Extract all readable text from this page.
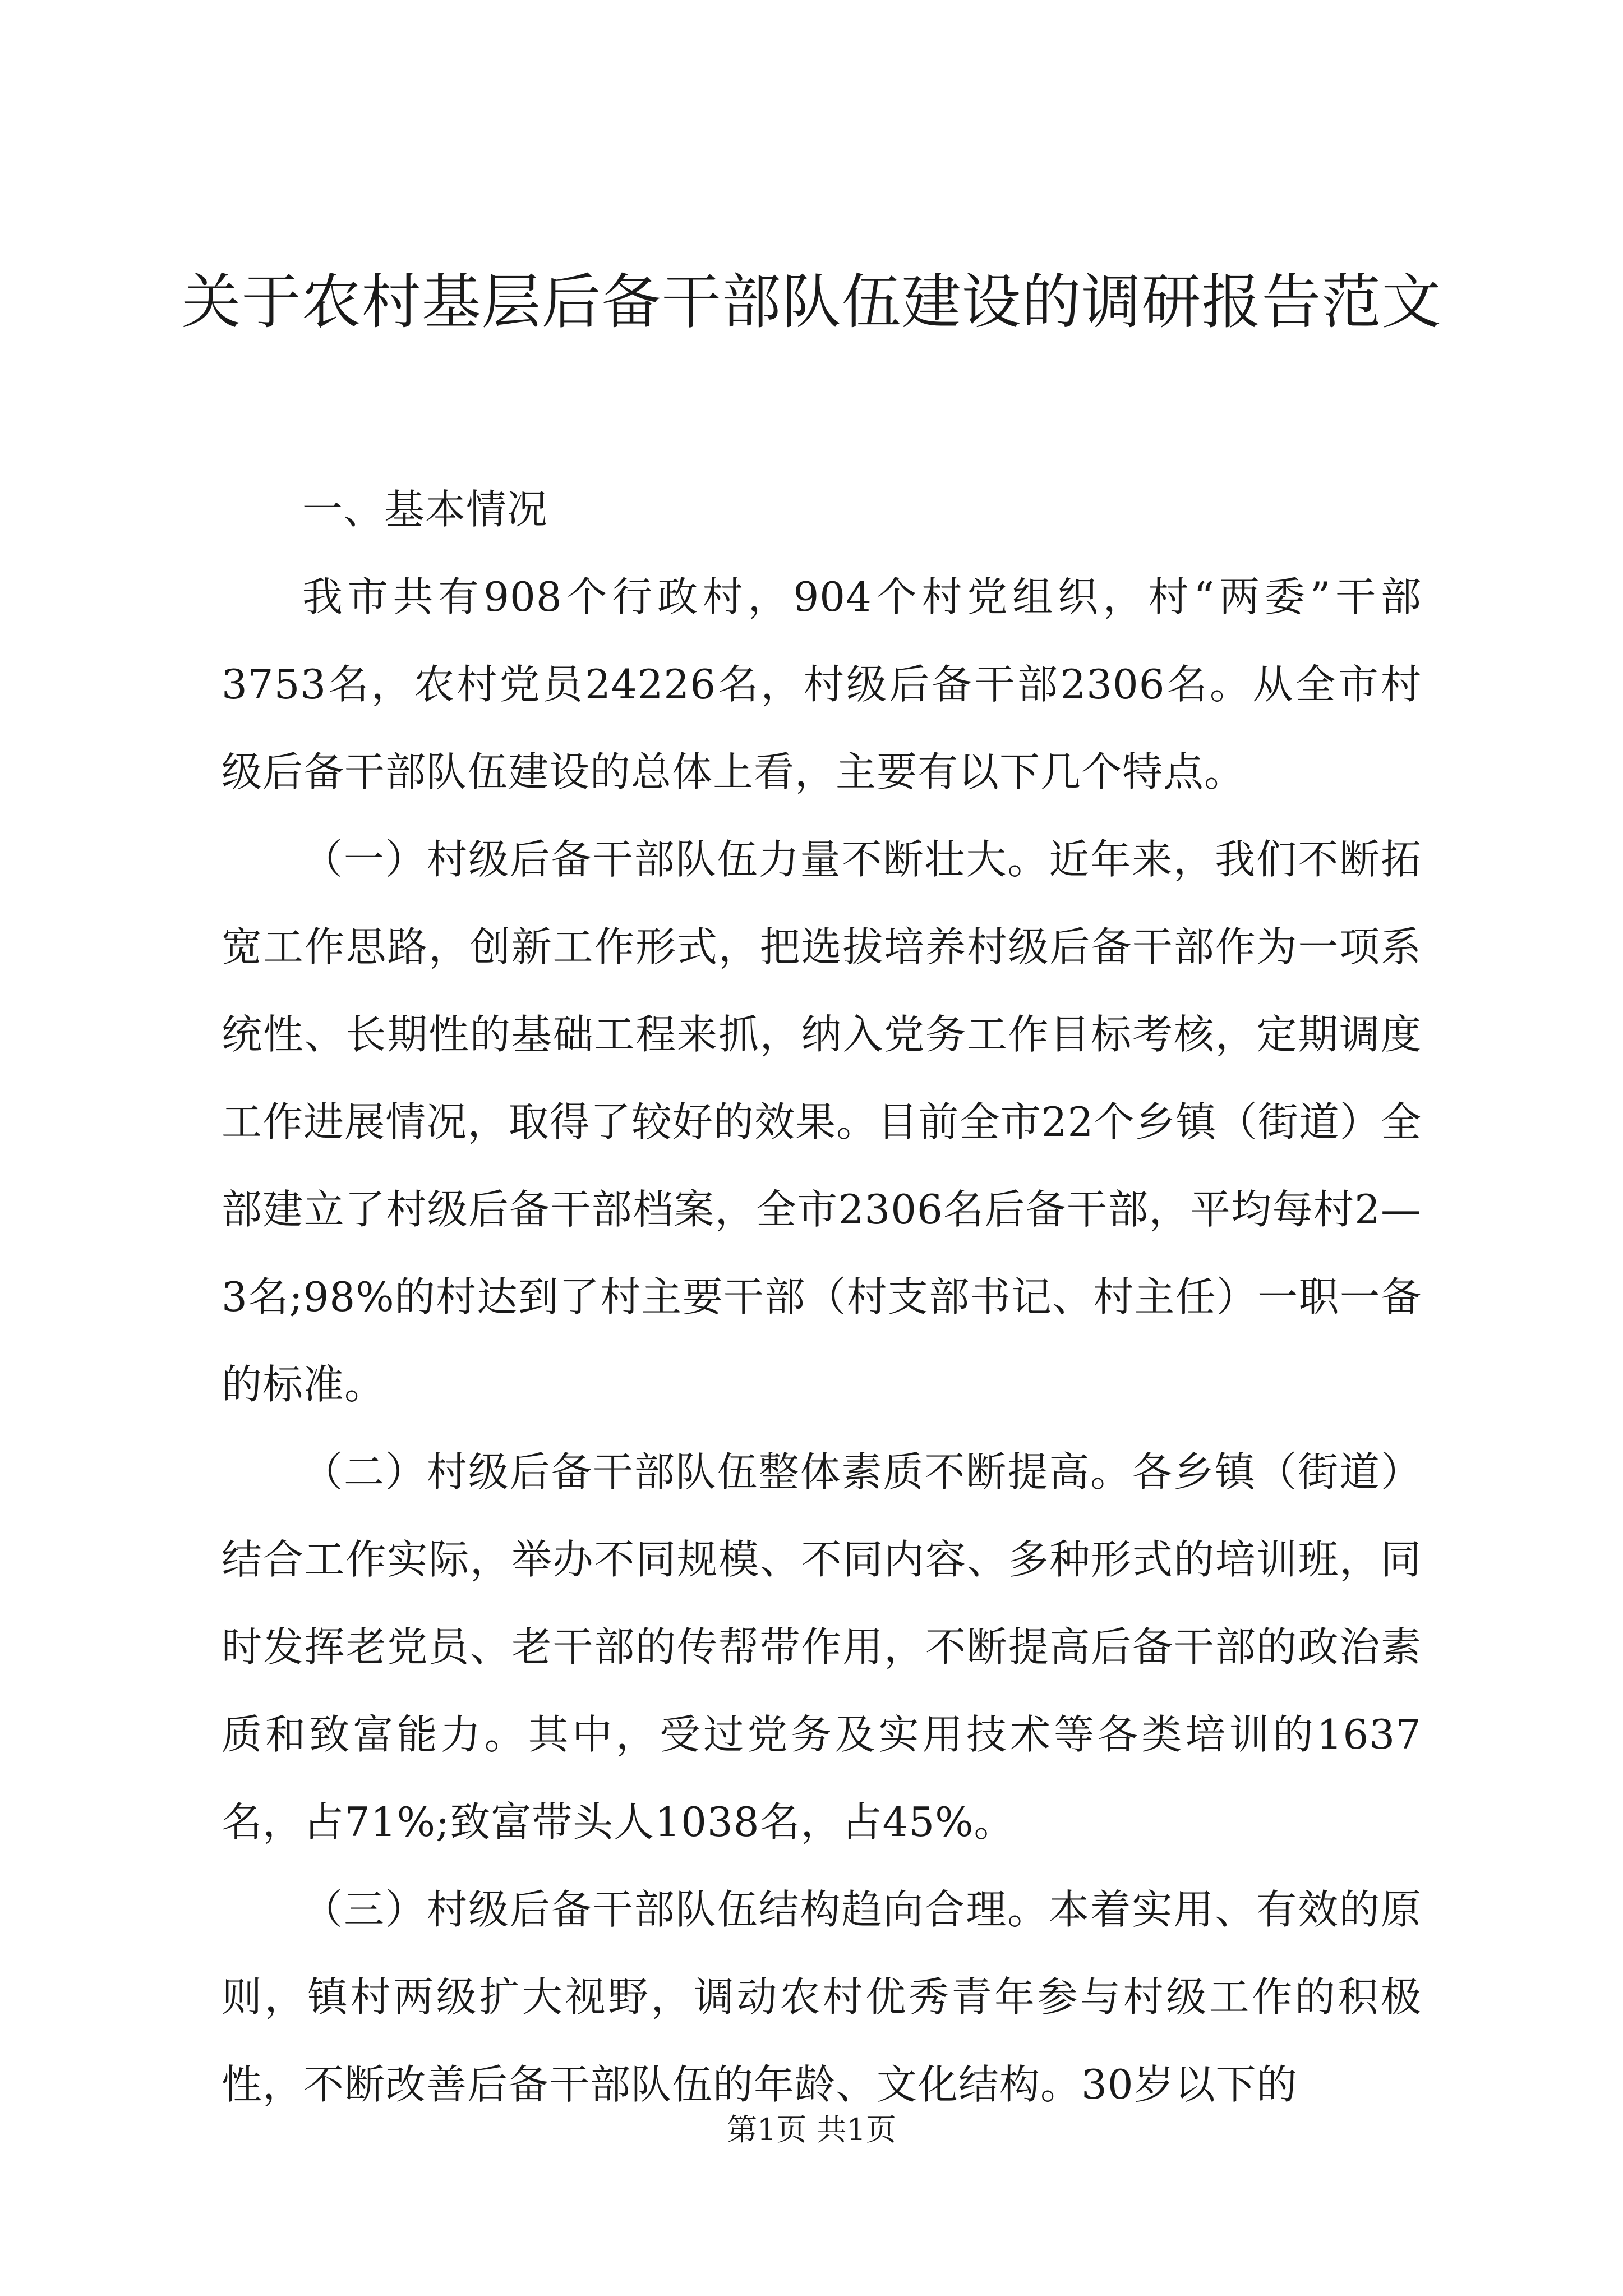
关于农村基层后备干部队伍建设的调研报告范文

一、基本情况

我市共有908个行政村，904个村党组织，村“两委”干部3753名，农村党员24226名，村级后备干部2306名。从全市村级后备干部队伍建设的总体上看，主要有以下几个特点。

（一）村级后备干部队伍力量不断壮大。近年来，我们不断拓宽工作思路，创新工作形式，把选拔培养村级后备干部作为一项系统性、长期性的基础工程来抓，纳入党务工作目标考核，定期调度工作进展情况，取得了较好的效果。目前全市22个乡镇（街道）全部建立了村级后备干部档案，全市2306名后备干部，平均每村2—3名;98%的村达到了村主要干部（村支部书记、村主任）一职一备的标准。

（二）村级后备干部队伍整体素质不断提高。各乡镇（街道）结合工作实际，举办不同规模、不同内容、多种形式的培训班，同时发挥老党员、老干部的传帮带作用，不断提高后备干部的政治素质和致富能力。其中，受过党务及实用技术等各类培训的1637名，占71%;致富带头人1038名，占45%。

（三）村级后备干部队伍结构趋向合理。本着实用、有效的原则，镇村两级扩大视野，调动农村优秀青年参与村级工作的积极性，不断改善后备干部队伍的年龄、文化结构。30岁以下的

第1页 共1页
